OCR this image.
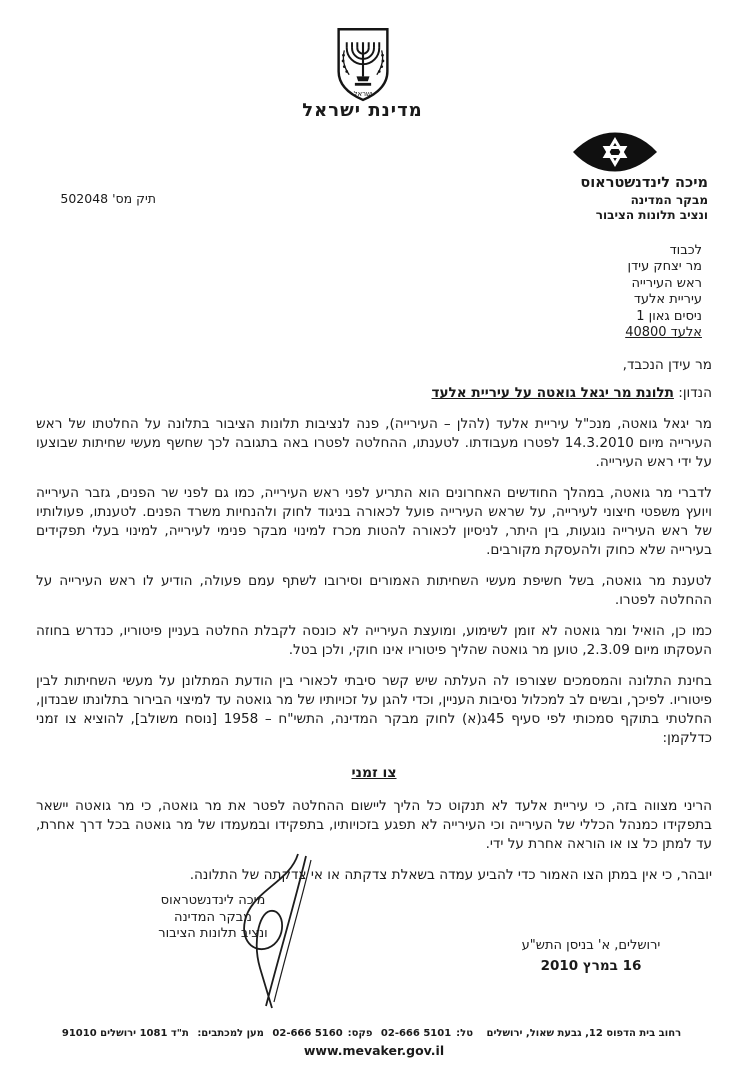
ישראל
מדינת ישראל
מיכה לינדנשטראוס
מבקר המדינה
ונציב תלונות הציבור
תיק מס' 502048
לכבוד
מר יצחק עידן
ראש העירייה
עיריית אלעד
ניסים גאון 1
אלעד 40800
מר עידן הנכבד,
הנדון: תלונת מר יגאל גואטה על עיריית אלעד

מר יגאל גואטה, מנכ"ל עיריית אלעד (להלן – העירייה), פנה לנציבות תלונות הציבור בתלונה על החלטתו של ראש העירייה מיום 14.3.2010 לפטרו מעבודתו. לטענתו, ההחלטה לפטרו באה בתגובה לכך שחשף מעשי שחיתות שבוצעו על ידי ראש העירייה.

לדברי מר גואטה, במהלך החודשים האחרונים הוא התריע לפני ראש העירייה, כמו גם לפני שר הפנים, גזבר העירייה ויועץ משפטי חיצוני לעירייה, על שראש העירייה פועל לכאורה בניגוד לחוק ולהנחיות משרד הפנים. לטענתו, פעולותיו של ראש העירייה נוגעות, בין היתר, לניסיון לכאורה להטות מכרז למינוי מבקר פנימי לעירייה, למינוי בעלי תפקידים בעירייה שלא כחוק ולהעסקת מקורבים.

לטענת מר גואטה, בשל חשיפת מעשי השחיתות האמורים וסירובו לשתף עמם פעולה, הודיע לו ראש העירייה על ההחלטה לפטרו.

כמו כן, הואיל ומר גואטה לא זומן לשימוע, ומועצת העירייה לא כונסה לקבלת החלטה בעניין פיטוריו, כנדרש בחוזה העסקתו מיום 2.3.09, טוען מר גואטה שהליך פיטוריו אינו חוקי, ולכן בטל.

בחינת התלונה והמסמכים שצורפו לה העלתה שיש קשר סיבתי לכאורי בין הודעת המתלונן על מעשי השחיתות לבין פיטוריו. לפיכך, ובשים לב למכלול נסיבות העניין, וכדי להגן על זכויותיו של מר גואטה עד למיצוי הבירור בתלונתו שבנדון, החלטתי בתוקף סמכותי לפי סעיף 45ג(א) לחוק מבקר המדינה, התשי"ח – 1958 [נוסח משולב], להוציא צו זמני כדלקמן:

צו זמני

הריני מצווה בזה, כי עיריית אלעד לא תנקוט כל הליך ליישום ההחלטה לפטר את מר גואטה, כי מר גואטה יישאר בתפקידו כמנהל הכללי של העירייה וכי העירייה לא תפגע בזכויותיו, בתפקידו ובמעמדו של מר גואטה בכל דרך אחרת, עד למתן כל צו או הוראה אחרת על ידי.

יובהר, כי אין במתן הצו האמור כדי להביע עמדה בשאלת צדקתה או אי צדקתה של התלונה.

מיכה לינדנשטראוס
מבקר המדינה
ונציב תלונות הציבור
ירושלים, א' בניסן התש"ע
16 במרץ 2010
רחוב בית הדפוס 12, גבעת שאול, ירושלים טל:02-666 5101 פקס:02-666 5160 מען למכתבים: ת"ד 1081 ירושלים 91010
www.mevaker.gov.il
